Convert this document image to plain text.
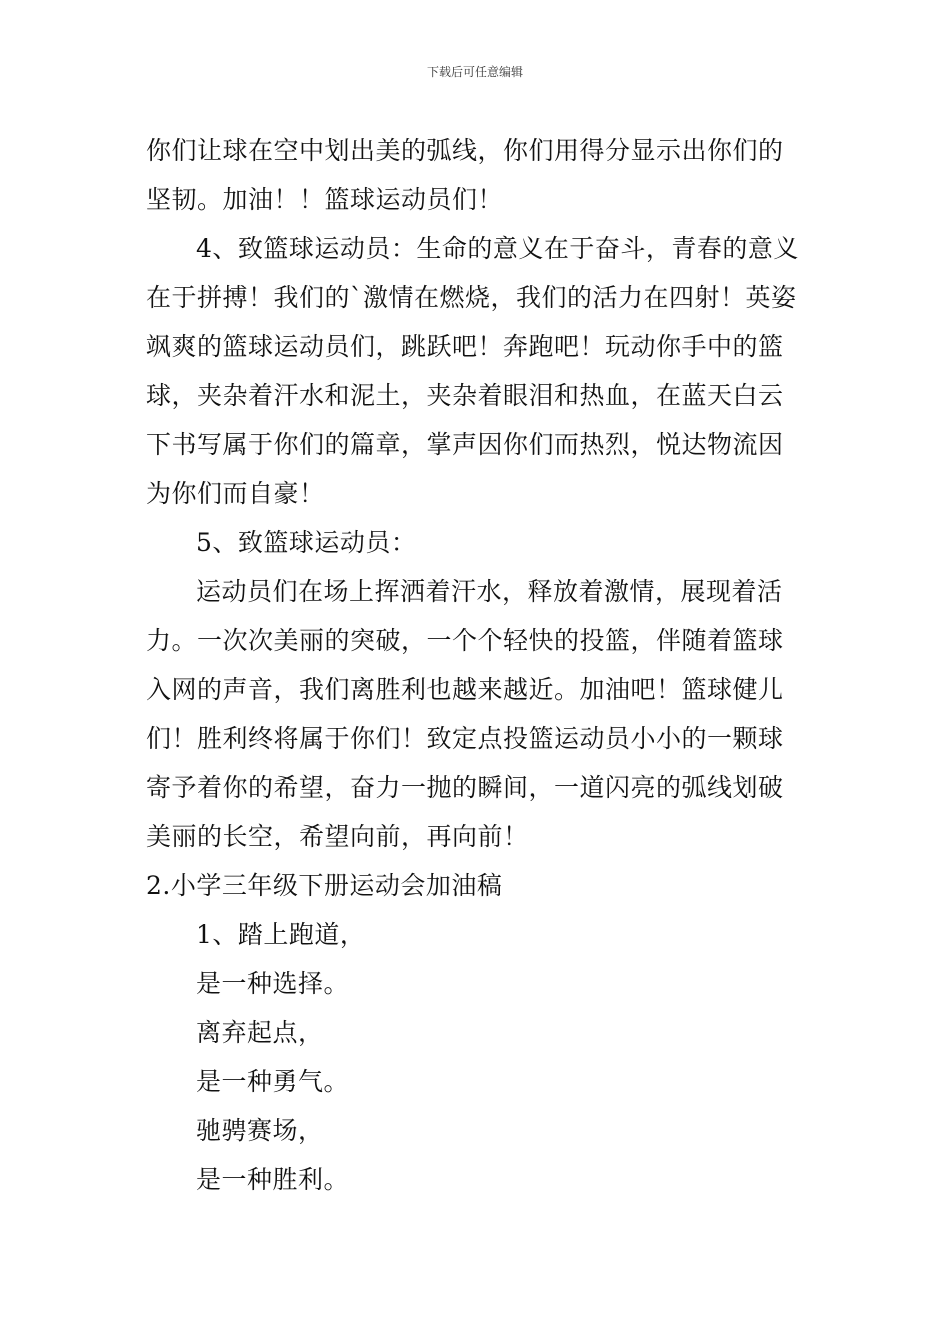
下载后可任意编辑
你们让球在空中划出美的弧线，你们用得分显示出你们的
坚韧。加油！！篮球运动员们！
4、致篮球运动员：生命的意义在于奋斗，青春的意义
在于拼搏！我们的`激情在燃烧，我们的活力在四射！英姿
飒爽的篮球运动员们，跳跃吧！奔跑吧！玩动你手中的篮
球，夹杂着汗水和泥土，夹杂着眼泪和热血，在蓝天白云
下书写属于你们的篇章，掌声因你们而热烈，悦达物流因
为你们而自豪！
5、致篮球运动员：
运动员们在场上挥洒着汗水，释放着激情，展现着活
力。一次次美丽的突破，一个个轻快的投篮，伴随着篮球
入网的声音，我们离胜利也越来越近。加油吧！篮球健儿
们！胜利终将属于你们！致定点投篮运动员小小的一颗球
寄予着你的希望，奋力一抛的瞬间，一道闪亮的弧线划破
美丽的长空，希望向前，再向前！
2.小学三年级下册运动会加油稿
1、踏上跑道，
是一种选择。
离弃起点，
是一种勇气。
驰骋赛场，
是一种胜利。
